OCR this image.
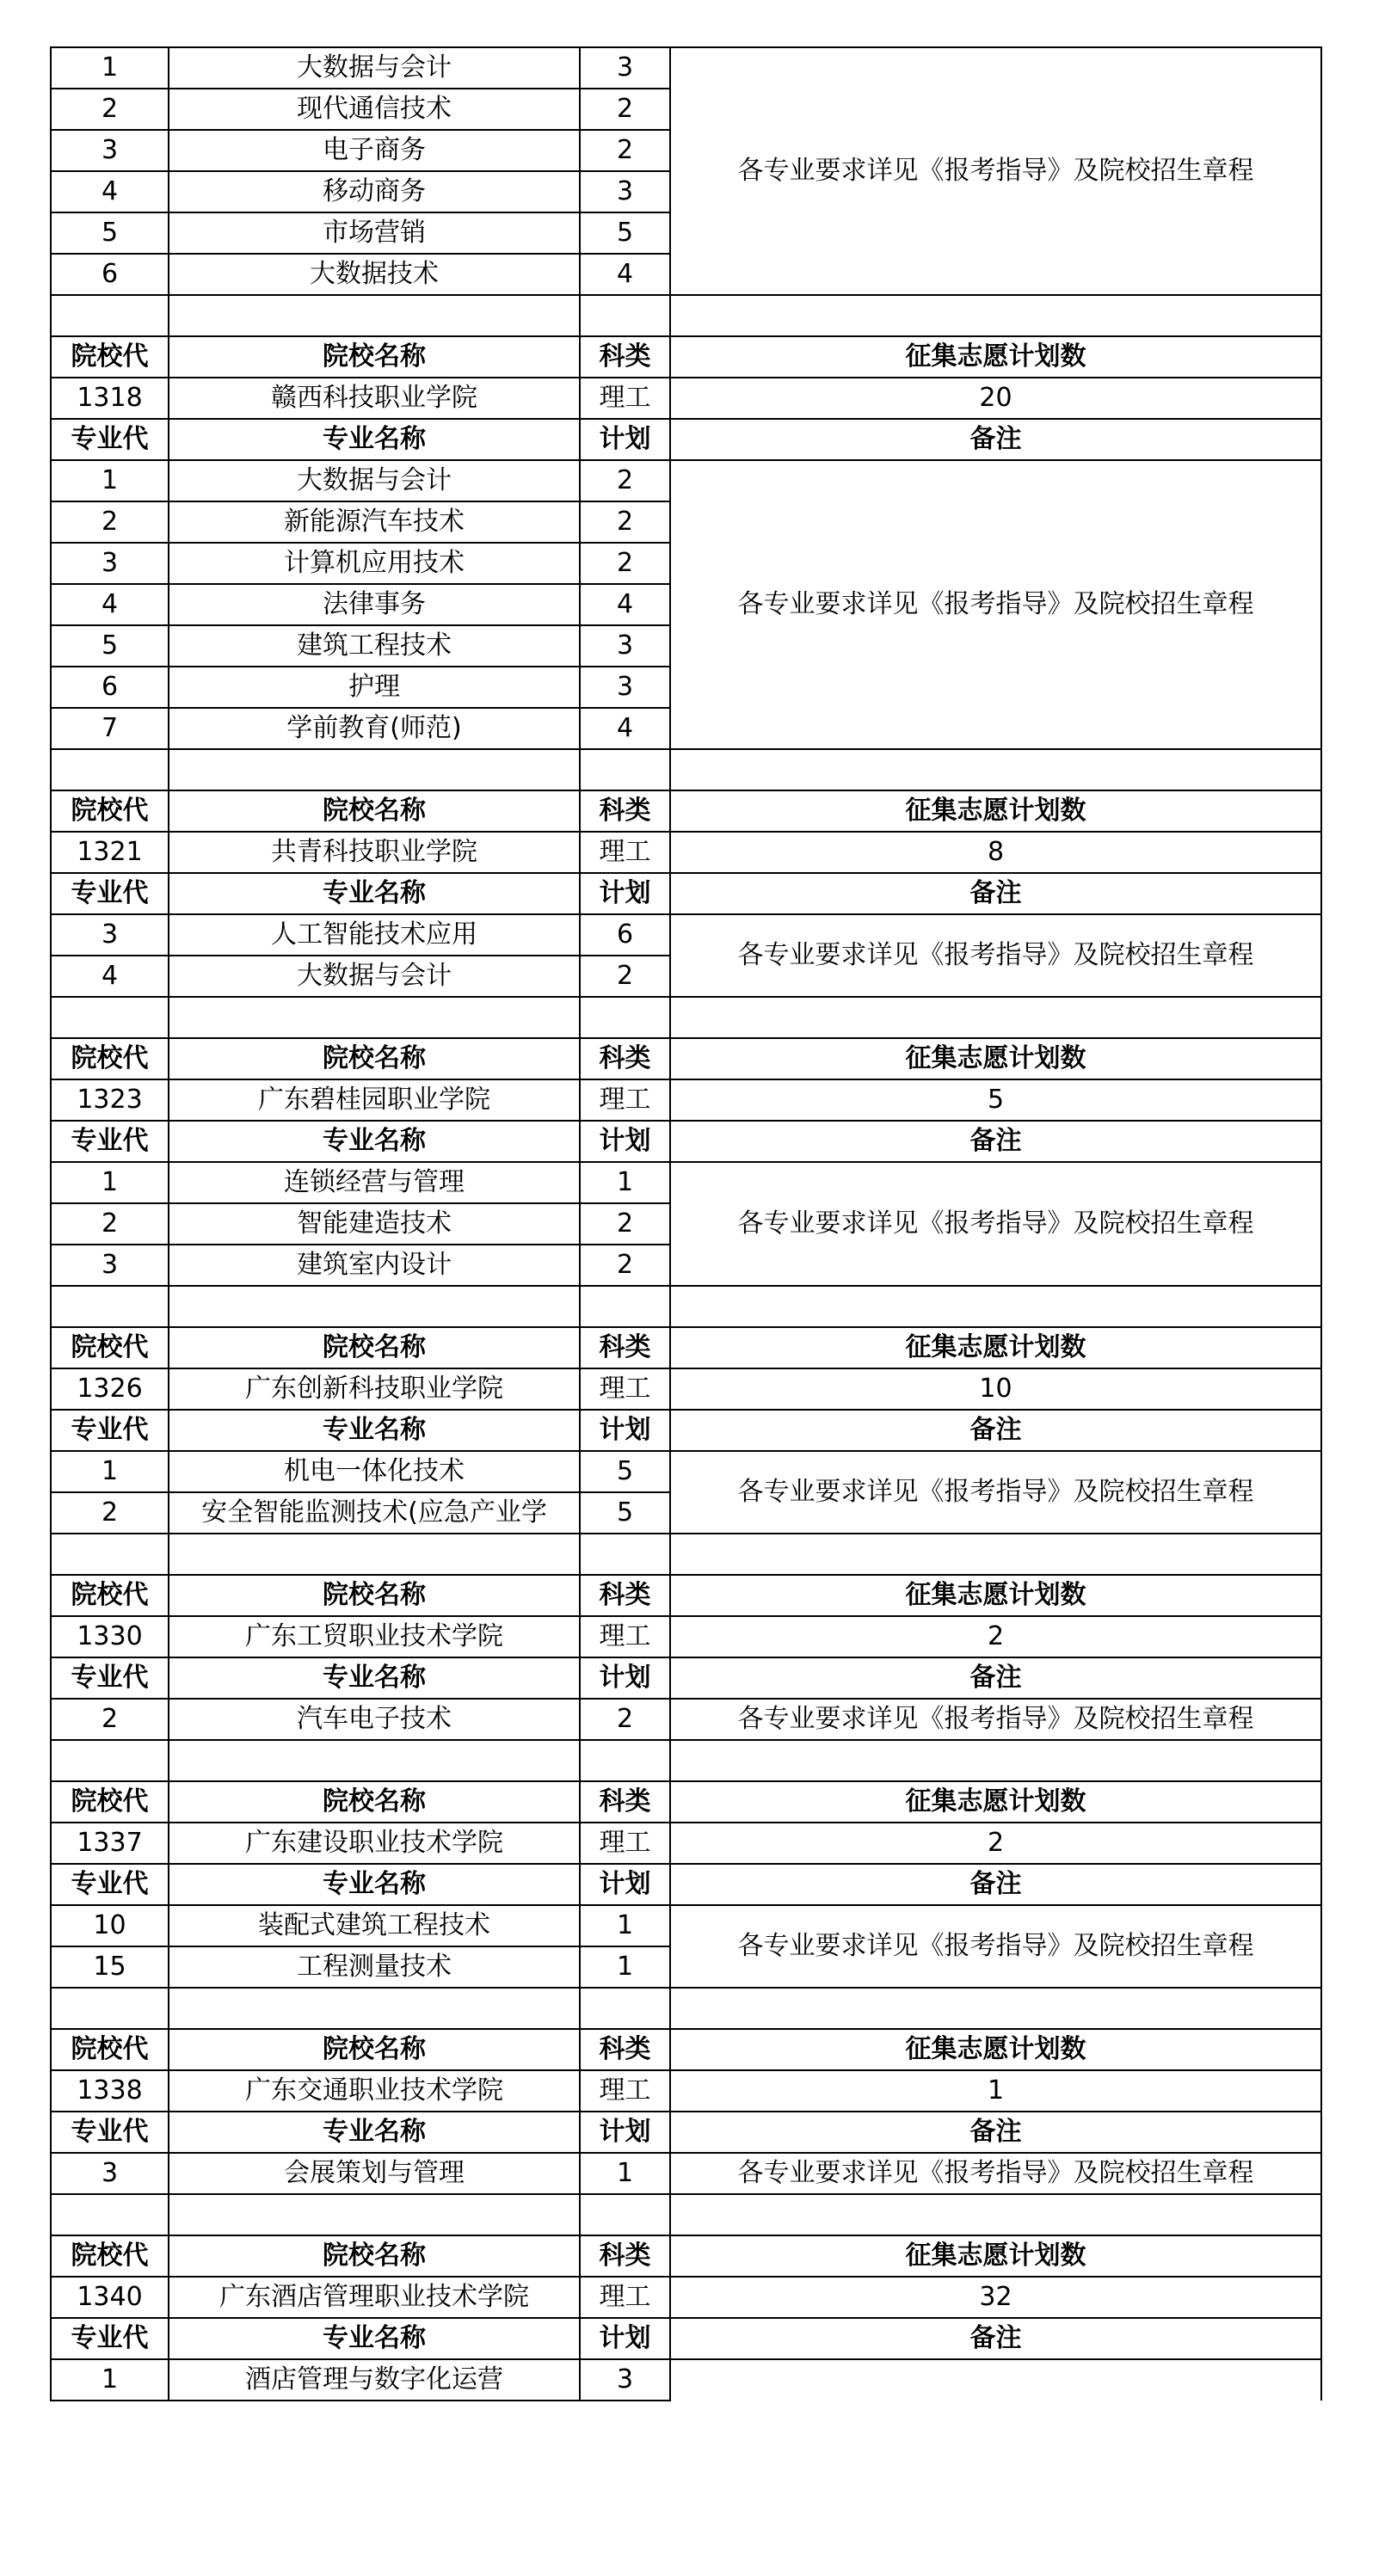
1	大数据与会计	3	各专业要求详见《报考指导》及院校招生章程
2	现代通信技术	2	
3	电子商务	2	
4	移动商务	3	
5	市场营销	5	
6	大数据技术	4	

院校代	院校名称	科类	征集志愿计划数
1318	赣西科技职业学院	理工	20
专业代	专业名称	计划	备注
1	大数据与会计	2	各专业要求详见《报考指导》及院校招生章程
2	新能源汽车技术	2	
3	计算机应用技术	2	
4	法律事务	4	
5	建筑工程技术	3	
6	护理	3	
7	学前教育(师范)	4	

院校代	院校名称	科类	征集志愿计划数
1321	共青科技职业学院	理工	8
专业代	专业名称	计划	备注
3	人工智能技术应用	6	各专业要求详见《报考指导》及院校招生章程
4	大数据与会计	2	

院校代	院校名称	科类	征集志愿计划数
1323	广东碧桂园职业学院	理工	5
专业代	专业名称	计划	备注
1	连锁经营与管理	1	各专业要求详见《报考指导》及院校招生章程
2	智能建造技术	2	
3	建筑室内设计	2	

院校代	院校名称	科类	征集志愿计划数
1326	广东创新科技职业学院	理工	10
专业代	专业名称	计划	备注
1	机电一体化技术	5	各专业要求详见《报考指导》及院校招生章程
2	安全智能监测技术(应急产业学	5	

院校代	院校名称	科类	征集志愿计划数
1330	广东工贸职业技术学院	理工	2
专业代	专业名称	计划	备注
2	汽车电子技术	2	各专业要求详见《报考指导》及院校招生章程

院校代	院校名称	科类	征集志愿计划数
1337	广东建设职业技术学院	理工	2
专业代	专业名称	计划	备注
10	装配式建筑工程技术	1	各专业要求详见《报考指导》及院校招生章程
15	工程测量技术	1	

院校代	院校名称	科类	征集志愿计划数
1338	广东交通职业技术学院	理工	1
专业代	专业名称	计划	备注
3	会展策划与管理	1	各专业要求详见《报考指导》及院校招生章程

院校代	院校名称	科类	征集志愿计划数
1340	广东酒店管理职业技术学院	理工	32
专业代	专业名称	计划	备注
1	酒店管理与数字化运营	3	
